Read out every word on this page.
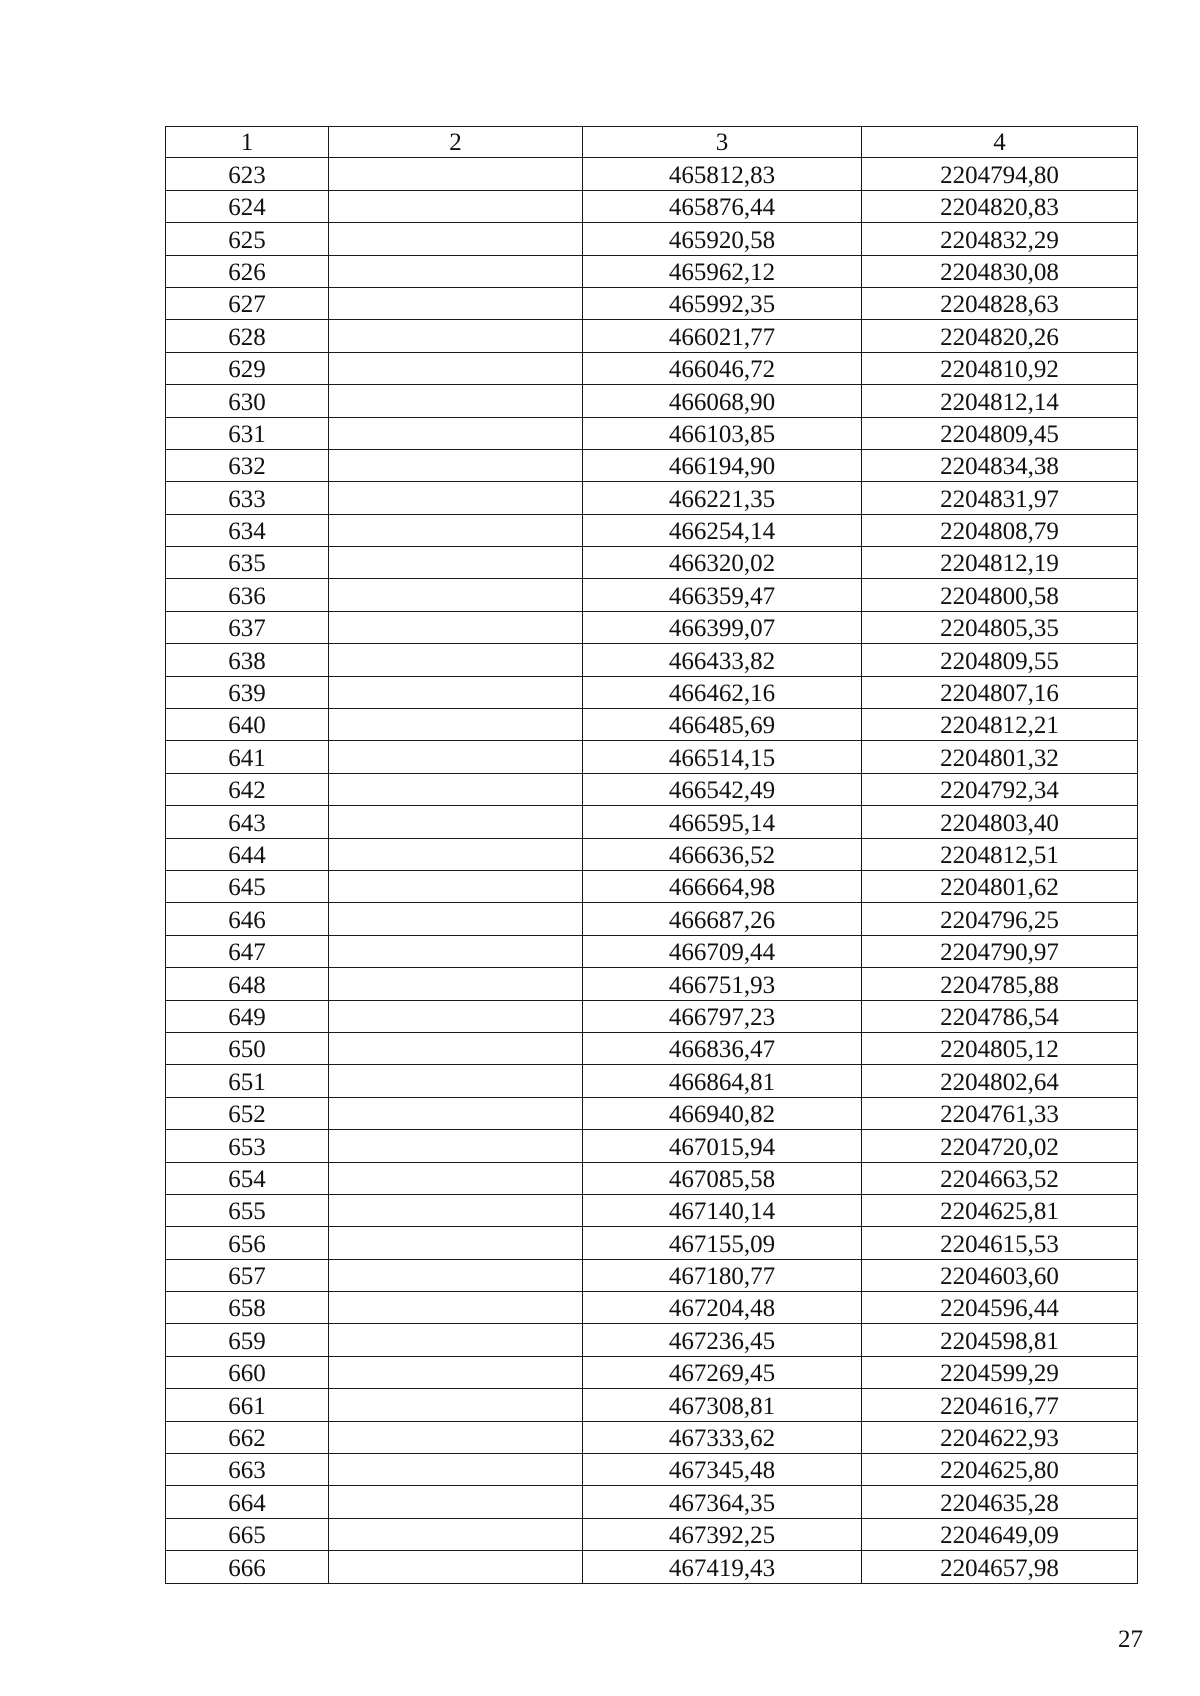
1	2	3	4
623		465812,83	2204794,80
624		465876,44	2204820,83
625		465920,58	2204832,29
626		465962,12	2204830,08
627		465992,35	2204828,63
628		466021,77	2204820,26
629		466046,72	2204810,92
630		466068,90	2204812,14
631		466103,85	2204809,45
632		466194,90	2204834,38
633		466221,35	2204831,97
634		466254,14	2204808,79
635		466320,02	2204812,19
636		466359,47	2204800,58
637		466399,07	2204805,35
638		466433,82	2204809,55
639		466462,16	2204807,16
640		466485,69	2204812,21
641		466514,15	2204801,32
642		466542,49	2204792,34
643		466595,14	2204803,40
644		466636,52	2204812,51
645		466664,98	2204801,62
646		466687,26	2204796,25
647		466709,44	2204790,97
648		466751,93	2204785,88
649		466797,23	2204786,54
650		466836,47	2204805,12
651		466864,81	2204802,64
652		466940,82	2204761,33
653		467015,94	2204720,02
654		467085,58	2204663,52
655		467140,14	2204625,81
656		467155,09	2204615,53
657		467180,77	2204603,60
658		467204,48	2204596,44
659		467236,45	2204598,81
660		467269,45	2204599,29
661		467308,81	2204616,77
662		467333,62	2204622,93
663		467345,48	2204625,80
664		467364,35	2204635,28
665		467392,25	2204649,09
666		467419,43	2204657,98
27
